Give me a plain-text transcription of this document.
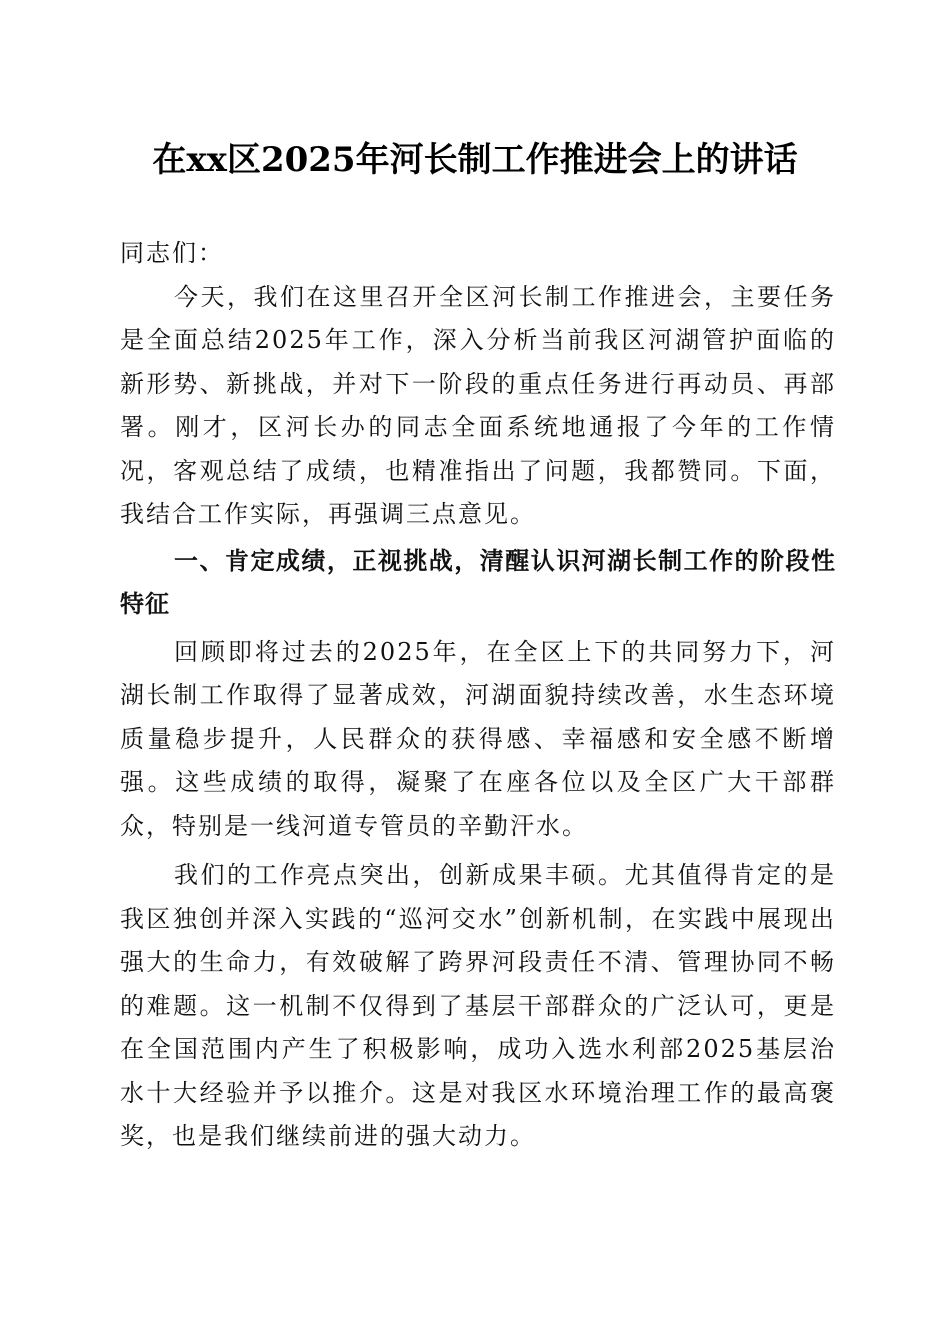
在xx区2025年河长制工作推进会上的讲话

同志们：

今天，我们在这里召开全区河长制工作推进会，主要任务是全面总结2025年工作，深入分析当前我区河湖管护面临的新形势、新挑战，并对下一阶段的重点任务进行再动员、再部署。刚才，区河长办的同志全面系统地通报了今年的工作情况，客观总结了成绩，也精准指出了问题，我都赞同。下面，我结合工作实际，再强调三点意见。

一、肯定成绩，正视挑战，清醒认识河湖长制工作的阶段性特征

回顾即将过去的2025年，在全区上下的共同努力下，河湖长制工作取得了显著成效，河湖面貌持续改善，水生态环境质量稳步提升，人民群众的获得感、幸福感和安全感不断增强。这些成绩的取得，凝聚了在座各位以及全区广大干部群众，特别是一线河道专管员的辛勤汗水。

我们的工作亮点突出，创新成果丰硕。尤其值得肯定的是我区独创并深入实践的“巡河交水”创新机制，在实践中展现出强大的生命力，有效破解了跨界河段责任不清、管理协同不畅的难题。这一机制不仅得到了基层干部群众的广泛认可，更是在全国范围内产生了积极影响，成功入选水利部2025基层治水十大经验并予以推介。这是对我区水环境治理工作的最高褒奖，也是我们继续前进的强大动力。
